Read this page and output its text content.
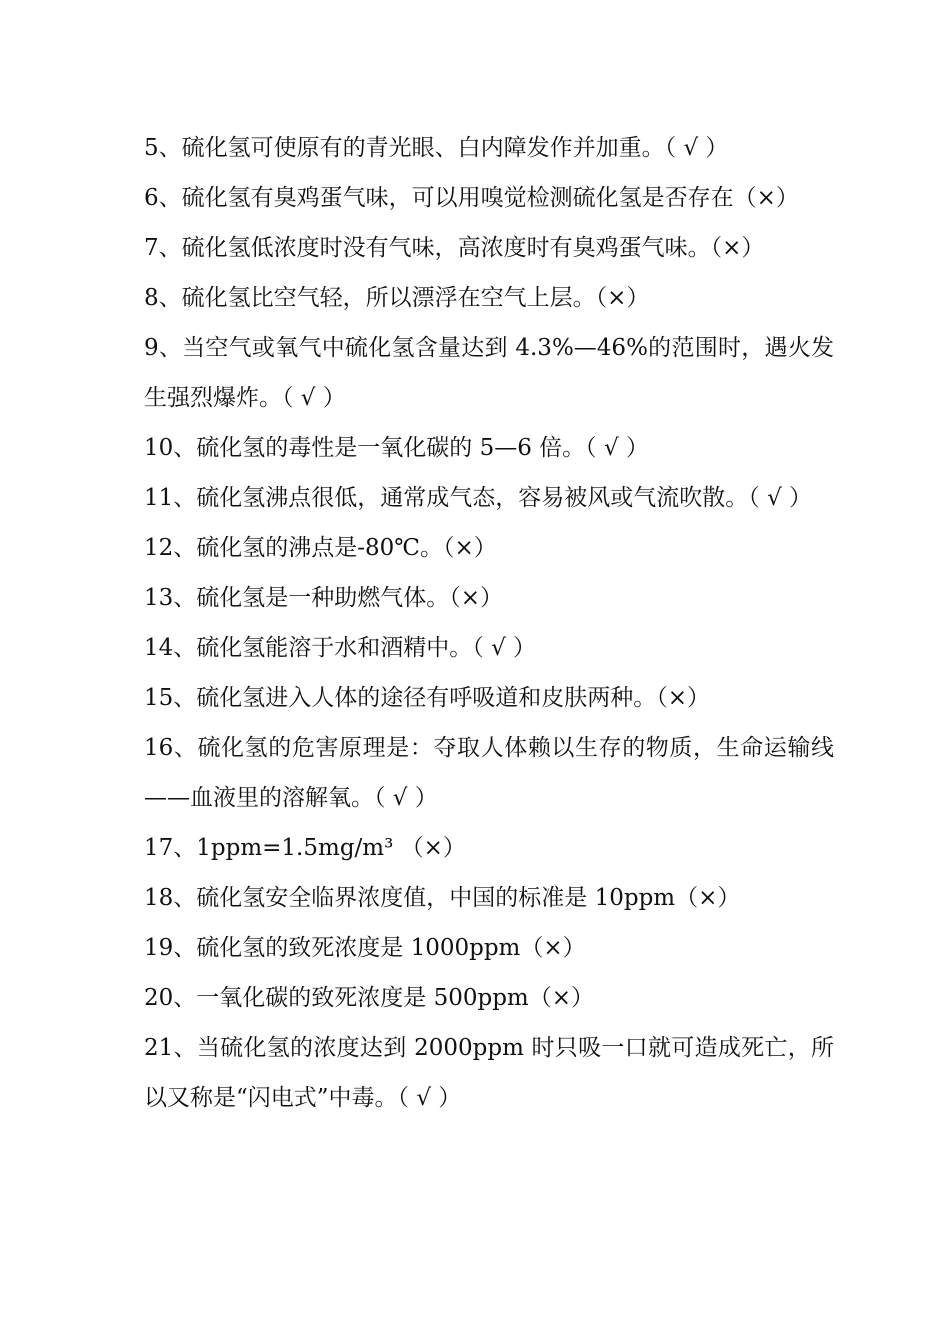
5、硫化氢可使原有的青光眼、白内障发作并加重。（ √ ）

6、硫化氢有臭鸡蛋气味，可以用嗅觉检测硫化氢是否存在（×）

7、硫化氢低浓度时没有气味，高浓度时有臭鸡蛋气味。（×）

8、硫化氢比空气轻，所以漂浮在空气上层。（×）

9、当空气或氧气中硫化氢含量达到 4.3%—46%的范围时，遇火发生强烈爆炸。（ √ ）

10、硫化氢的毒性是一氧化碳的 5—6 倍。（ √ ）

11、硫化氢沸点很低，通常成气态，容易被风或气流吹散。（ √ ）

12、硫化氢的沸点是-80℃。（×）

13、硫化氢是一种助燃气体。（×）

14、硫化氢能溶于水和酒精中。（ √ ）

15、硫化氢进入人体的途径有呼吸道和皮肤两种。（×）

16、硫化氢的危害原理是：夺取人体赖以生存的物质，生命运输线——血液里的溶解氧。（ √ ）

17、1ppm=1.5mg/m³ （×）

18、硫化氢安全临界浓度值，中国的标准是 10ppm（×）

19、硫化氢的致死浓度是 1000ppm（×）

20、一氧化碳的致死浓度是 500ppm（×）

21、当硫化氢的浓度达到 2000ppm 时只吸一口就可造成死亡，所以又称是“闪电式”中毒。（ √ ）
